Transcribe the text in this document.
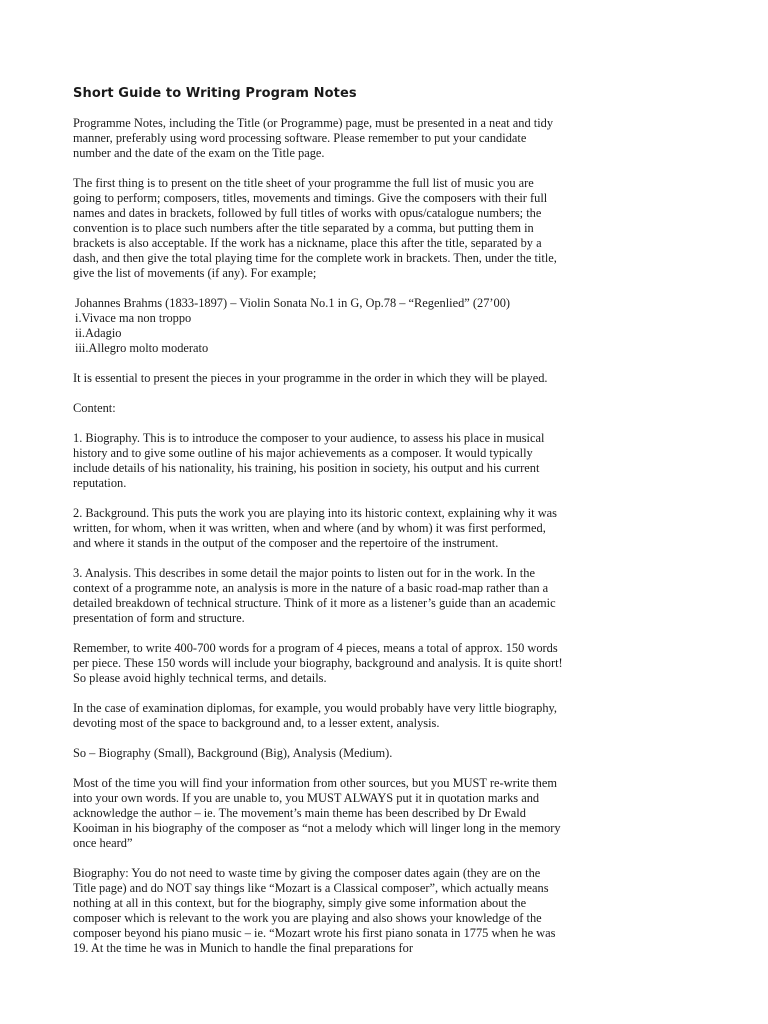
Short Guide to Writing Program Notes

Programme Notes, including the Title (or Programme) page, must be presented in a neat and tidy manner, preferably using word processing software. Please remember to put your candidate number and the date of the exam on the Title page.

The first thing is to present on the title sheet of your programme the full list of music you are going to perform; composers, titles, movements and timings. Give the composers with their full names and dates in brackets, followed by full titles of works with opus/catalogue numbers; the convention is to place such numbers after the title separated by a comma, but putting them in brackets is also acceptable. If the work has a nickname, place this after the title, separated by a dash, and then give the total playing time for the complete work in brackets. Then, under the title, give the list of movements (if any). For example;

Johannes Brahms (1833-1897) – Violin Sonata No.1 in G, Op.78 – “Regenlied” (27’00)
i.Vivace ma non troppo
ii.Adagio
iii.Allegro molto moderato

It is essential to present the pieces in your programme in the order in which they will be played.

Content:

1. Biography. This is to introduce the composer to your audience, to assess his place in musical history and to give some outline of his major achievements as a composer. It would typically include details of his nationality, his training, his position in society, his output and his current reputation.

2. Background. This puts the work you are playing into its historic context, explaining why it was written, for whom, when it was written, when and where (and by whom) it was first performed, and where it stands in the output of the composer and the repertoire of the instrument.

3. Analysis. This describes in some detail the major points to listen out for in the work. In the context of a programme note, an analysis is more in the nature of a basic road-map rather than a detailed breakdown of technical structure. Think of it more as a listener’s guide than an academic presentation of form and structure.

Remember, to write 400-700 words for a program of 4 pieces, means a total of approx. 150 words per piece. These 150 words will include your biography, background and analysis. It is quite short! So please avoid highly technical terms, and details.

In the case of examination diplomas, for example, you would probably have very little biography, devoting most of the space to background and, to a lesser extent, analysis.

So – Biography (Small), Background (Big), Analysis (Medium).

Most of the time you will find your information from other sources, but you MUST re-write them into your own words. If you are unable to, you MUST ALWAYS put it in quotation marks and acknowledge the author – ie. The movement’s main theme has been described by Dr Ewald Kooiman in his biography of the composer as “not a melody which will linger long in the memory once heard”

Biography: You do not need to waste time by giving the composer dates again (they are on the Title page) and do NOT say things like “Mozart is a Classical composer”, which actually means nothing at all in this context, but for the biography, simply give some information about the composer which is relevant to the work you are playing and also shows your knowledge of the composer beyond his piano music – ie. “Mozart wrote his first piano sonata in 1775 when he was 19. At the time he was in Munich to handle the final preparations for
